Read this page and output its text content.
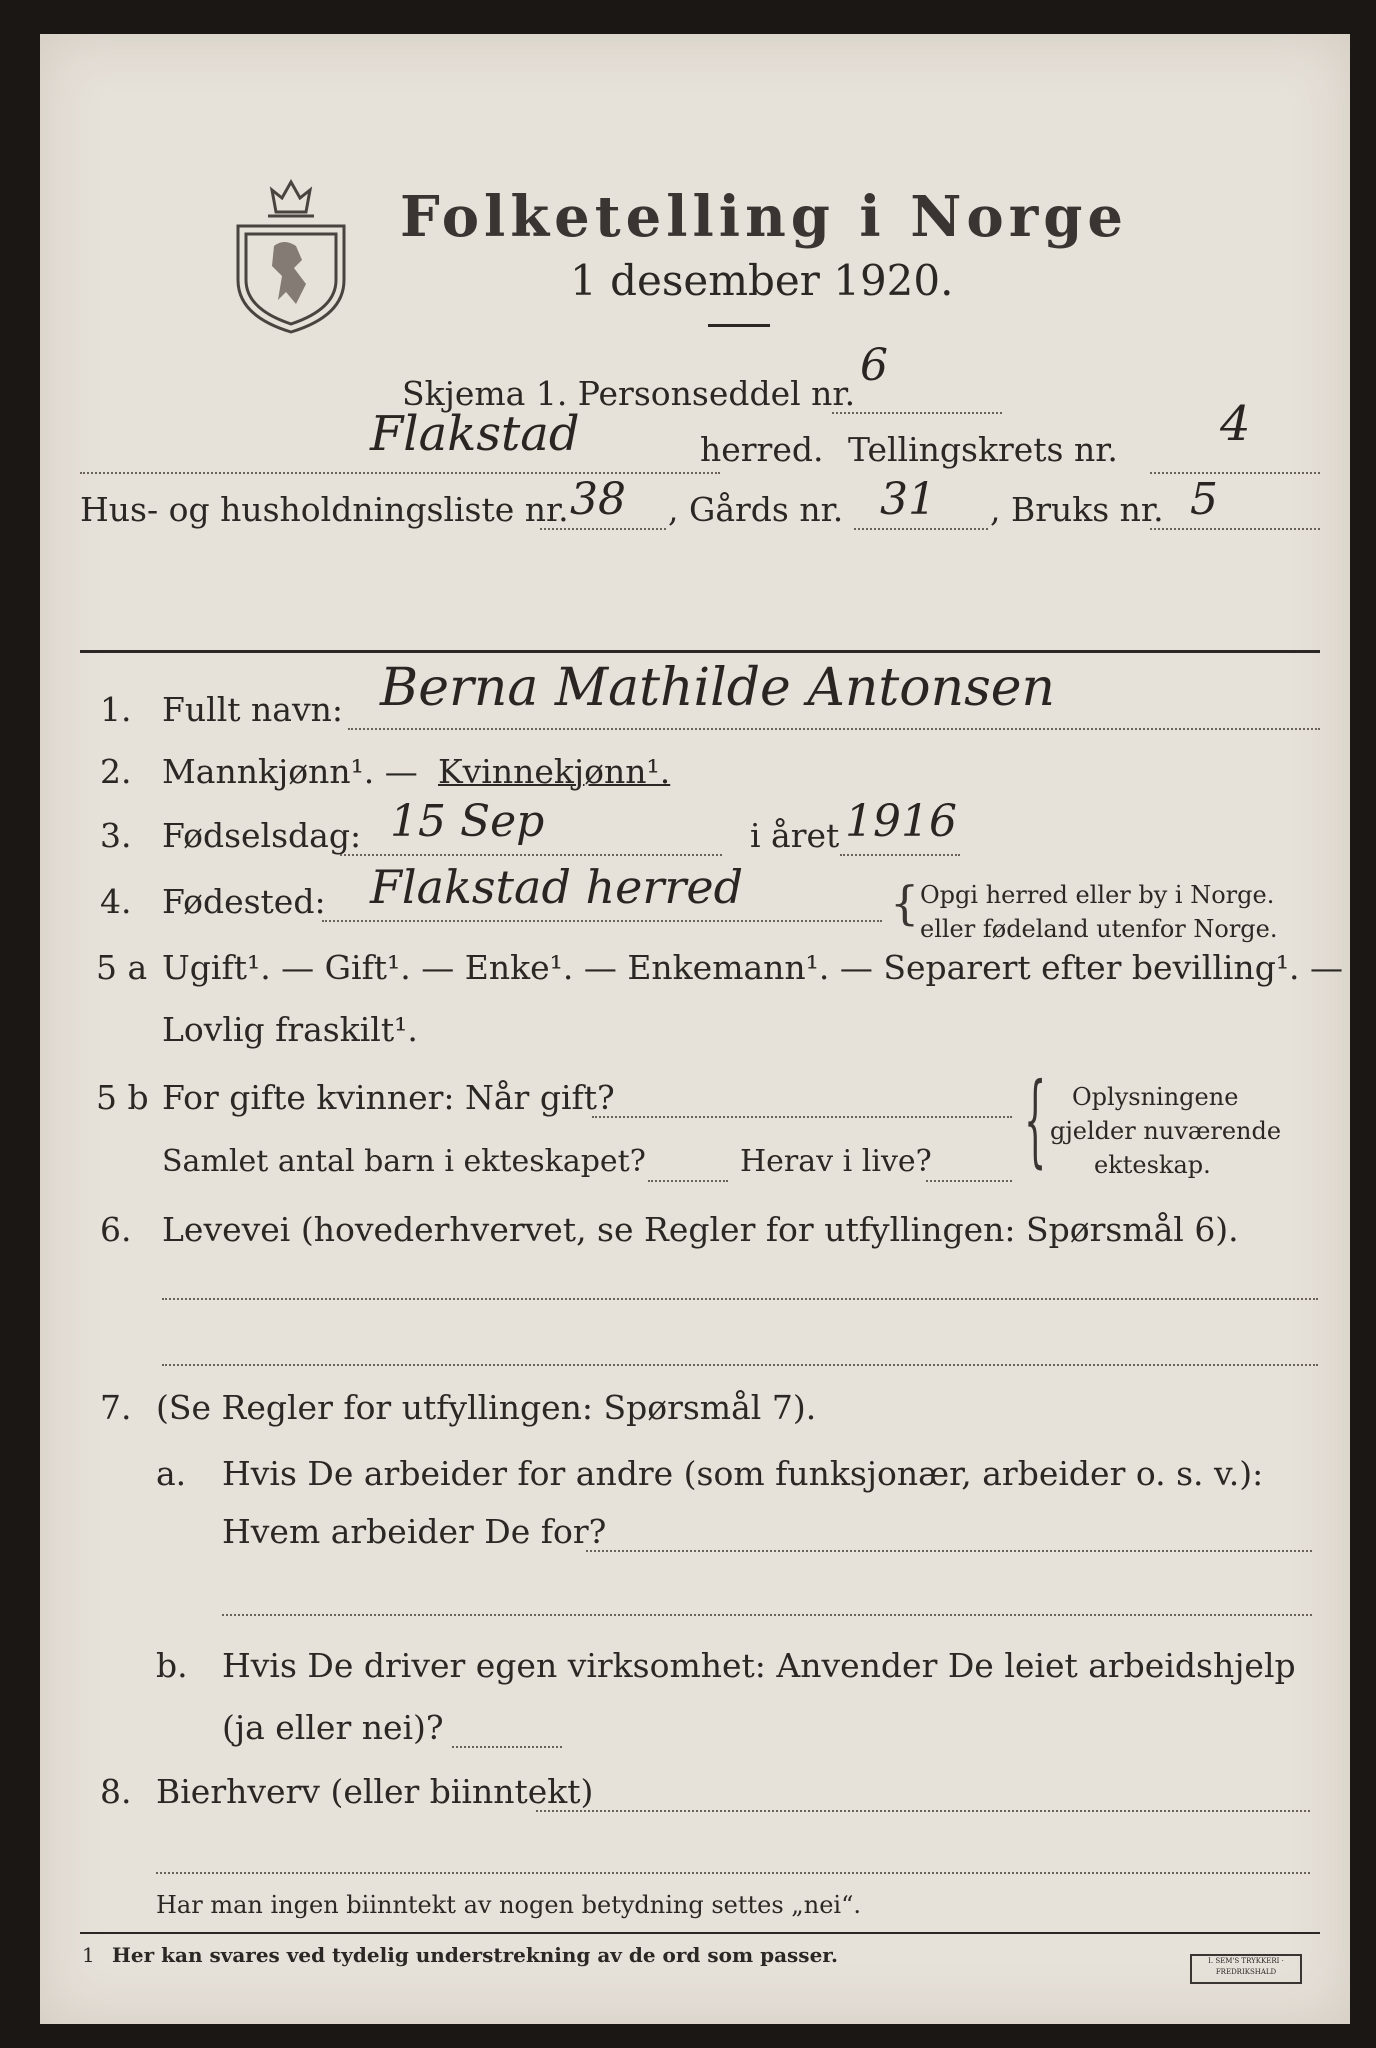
Folketelling i Norge
1 desember 1920.
Skjema 1. Personseddel nr.
6
Flakstad	herred. Tellingskrets nr. 4
Hus- og husholdningsliste nr. 38 , Gårds nr. 31 , Bruks nr. 5
1. Fullt navn: Berna Mathilde Antonsen
2. Mannkjønn¹. — Kvinnekjønn¹.
3. Fødselsdag: 15 Sep	i året 1916
4. Fødested: Flakstad herred	{ Opgi herred eller by i Norge.
eller fødeland utenfor Norge.
5 a Ugift¹. — Gift¹. — Enke¹. — Enkemann¹. — Separert efter bevilling¹. —
Lovlig fraskilt¹.
5 b For gifte kvinner: Når gift?
Samlet antal barn i ekteskapet?	Herav i live? { Oplysningene
gjelder nuværende
ekteskap.
6. Levevei (hovederhvervet, se Regler for utfyllingen: Spørsmål 6).
7. (Se Regler for utfyllingen: Spørsmål 7).
a. Hvis De arbeider for andre (som funksjonær, arbeider o. s. v.):
Hvem arbeider De for?
b. Hvis De driver egen virksomhet: Anvender De leiet arbeidshjelp
(ja eller nei)?
8. Bierhverv (eller biinntekt)
Har man ingen biinntekt av nogen betydning settes „nei“.
1 Her kan svares ved tydelig understrekning av de ord som passer.	I. SEM'S TRYKKERI · FREDRIKSHALD
